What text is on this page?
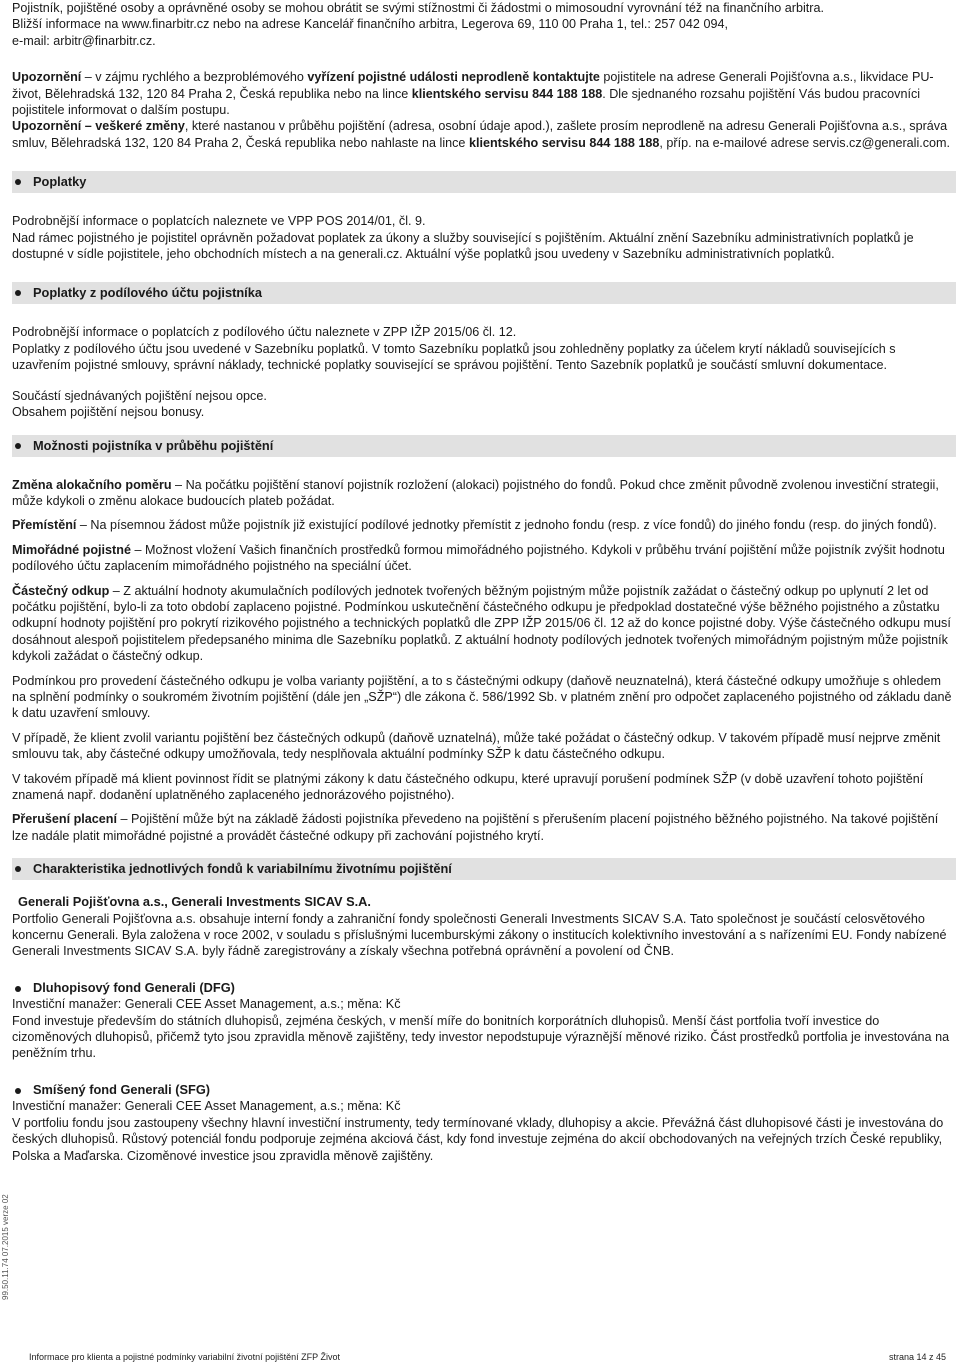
99.50.11.74 07.2015 verze 02

Pojistník, pojištěné osoby a oprávněné osoby se mohou obrátit se svými stížnostmi či žádostmi o mimosoudní vyrovnání též na finančního arbitra.

Bližší informace na www.finarbitr.cz nebo na adrese Kancelář finančního arbitra, Legerova 69, 110 00 Praha 1, tel.: 257 042 094,

e-mail: arbitr@finarbitr.cz.

Upozornění – v zájmu rychlého a bezproblémového vyřízení pojistné události neprodleně kontaktujte pojistitele na adrese Generali Pojišťovna a.s., likvidace PU-život, Bělehradská 132, 120 84 Praha 2, Česká republika nebo na lince klientského servisu 844 188 188. Dle sjednaného rozsahu pojištění Vás budou pracovníci pojistitele informovat o dalším postupu.

Upozornění – veškeré změny, které nastanou v průběhu pojištění (adresa, osobní údaje apod.), zašlete prosím neprodleně na adresu Generali Pojišťovna a.s., správa smluv, Bělehradská 132, 120 84 Praha 2, Česká republika nebo nahlaste na lince klientského servisu 844 188 188, příp. na e-mailové adrese servis.cz@generali.com.

Poplatky

Podrobnější informace o poplatcích naleznete ve VPP POS 2014/01, čl. 9.

Nad rámec pojistného je pojistitel oprávněn požadovat poplatek za úkony a služby související s pojištěním. Aktuální znění Sazebníku administrativních poplatků je dostupné v sídle pojistitele, jeho obchodních místech a na generali.cz. Aktuální výše poplatků jsou uvedeny v Sazebníku administrativních poplatků.

Poplatky z podílového účtu pojistníka

Podrobnější informace o poplatcích z podílového účtu naleznete v ZPP IŽP 2015/06 čl. 12.

Poplatky z podílového účtu jsou uvedené v Sazebníku poplatků. V tomto Sazebníku poplatků jsou zohledněny poplatky za účelem krytí nákladů souvisejících s uzavřením pojistné smlouvy, správní náklady, technické poplatky související se správou pojištění. Tento Sazebník poplatků je součástí smluvní dokumentace.

Součástí sjednávaných pojištění nejsou opce.

Obsahem pojištění nejsou bonusy.

Možnosti pojistníka v průběhu pojištění

Změna alokačního poměru – Na počátku pojištění stanoví pojistník rozložení (alokaci) pojistného do fondů. Pokud chce změnit původně zvolenou investiční strategii, může kdykoli o změnu alokace budoucích plateb požádat.

Přemístění – Na písemnou žádost může pojistník již existující podílové jednotky přemístit z jednoho fondu (resp. z více fondů) do jiného fondu (resp. do jiných fondů).

Mimořádné pojistné – Možnost vložení Vašich finančních prostředků formou mimořádného pojistného. Kdykoli v průběhu trvání pojištění může pojistník zvýšit hodnotu podílového účtu zaplacením mimořádného pojistného na speciální účet.

Částečný odkup – Z aktuální hodnoty akumulačních podílových jednotek tvořených běžným pojistným může pojistník zažádat o částečný odkup po uplynutí 2 let od počátku pojištění, bylo-li za toto období zaplaceno pojistné. Podmínkou uskutečnění částečného odkupu je předpoklad dostatečné výše běžného pojistného a zůstatku odkupní hodnoty pojištění pro pokrytí rizikového pojistného a technických poplatků dle ZPP IŽP 2015/06 čl. 12 až do konce pojistné doby. Výše částečného odkupu musí dosáhnout alespoň pojistitelem předepsaného minima dle Sazebníku poplatků. Z aktuální hodnoty podílových jednotek tvořených mimořádným pojistným může pojistník kdykoli zažádat o částečný odkup.

Podmínkou pro provedení částečného odkupu je volba varianty pojištění, a to s částečnými odkupy (daňově neuznatelná), která částečné odkupy umožňuje s ohledem na splnění podmínky o soukromém životním pojištění (dále jen „SŽP“) dle zákona č. 586/1992 Sb. v platném znění pro odpočet zaplaceného pojistného od základu daně k datu uzavření smlouvy.

V případě, že klient zvolil variantu pojištění bez částečných odkupů (daňově uznatelná), může také požádat o částečný odkup. V takovém případě musí nejprve změnit smlouvu tak, aby částečné odkupy umožňovala, tedy nesplňovala aktuální podmínky SŽP k datu částečného odkupu.

V takovém případě má klient povinnost řídit se platnými zákony k datu částečného odkupu, které upravují porušení podmínek SŽP (v době uzavření tohoto pojištění znamená např. dodanění uplatněného zaplaceného jednorázového pojistného).

Přerušení placení – Pojištění může být na základě žádosti pojistníka převedeno na pojištění s přerušením placení pojistného běžného pojistného. Na takové pojištění lze nadále platit mimořádné pojistné a provádět částečné odkupy při zachování pojistného krytí.

Charakteristika jednotlivých fondů k variabilnímu životnímu pojištění

Generali Pojišťovna a.s., Generali Investments SICAV S.A.

Portfolio Generali Pojišťovna a.s. obsahuje interní fondy a zahraniční fondy společnosti Generali Investments SICAV S.A. Tato společnost je součástí celosvětového koncernu Generali. Byla založena v roce 2002, v souladu s příslušnými lucemburskými zákony o institucích kolektivního investování a s nařízeními EU. Fondy nabízené Generali Investments SICAV S.A. byly řádně zaregistrovány a získaly všechna potřebná oprávnění a povolení od ČNB.

Dluhopisový fond Generali (DFG)

Investiční manažer: Generali CEE Asset Management, a.s.; měna: Kč

Fond investuje především do státních dluhopisů, zejména českých, v menší míře do bonitních korporátních dluhopisů. Menší část portfolia tvoří investice do cizoměnových dluhopisů, přičemž tyto jsou zpravidla měnově zajištěny, tedy investor nepodstupuje výraznější měnové riziko. Část prostředků portfolia je investována na peněžním trhu.

Smíšený fond Generali (SFG)

Investiční manažer: Generali CEE Asset Management, a.s.; měna: Kč

V portfoliu fondu jsou zastoupeny všechny hlavní investiční instrumenty, tedy termínované vklady, dluhopisy a akcie. Převážná část dluhopisové části je investována do českých dluhopisů. Růstový potenciál fondu podporuje zejména akciová část, kdy fond investuje zejména do akcií obchodovaných na veřejných trzích České republiky, Polska a Maďarska. Cizoměnové investice jsou zpravidla měnově zajištěny.

Informace pro klienta a pojistné podmínky variabilní životní pojištění ZFP Život	strana 14 z 45
